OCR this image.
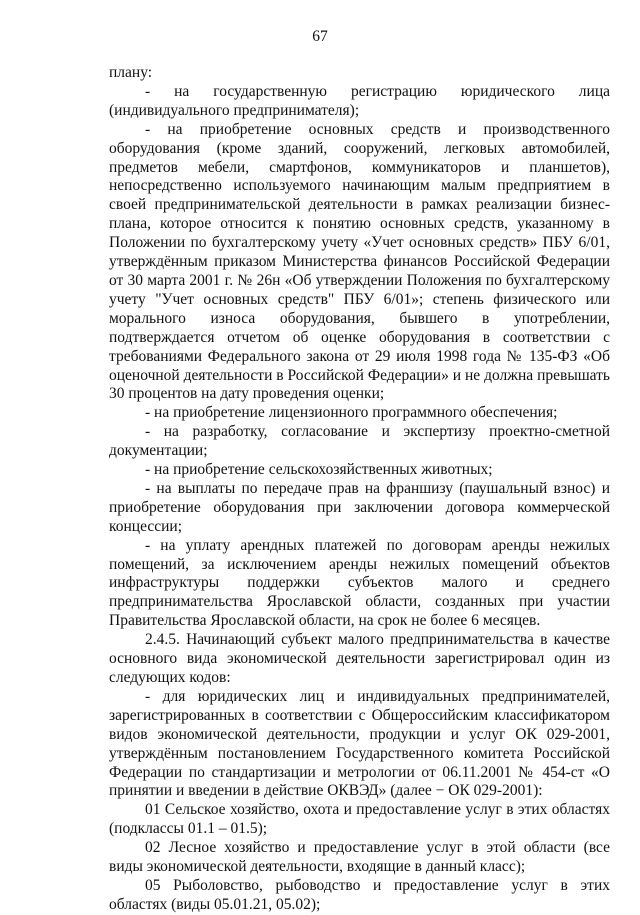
67

плану:

- на государственную регистрацию юридического лица (индивидуального предпринимателя);

- на приобретение основных средств и производственного оборудования (кроме зданий, сооружений, легковых автомобилей, предметов мебели, смартфонов, коммуникаторов и планшетов), непосредственно используемого начинающим малым предприятием в своей предпринимательской деятельности в рамках реализации бизнес-плана, которое относится к понятию основных средств, указанному в Положении по бухгалтерскому учету «Учет основных средств» ПБУ 6/01, утверждённым приказом Министерства финансов Российской Федерации от 30 марта 2001 г. № 26н «Об утверждении Положения по бухгалтерскому учету "Учет основных средств" ПБУ 6/01»; степень физического или морального износа оборудования, бывшего в употреблении, подтверждается отчетом об оценке оборудования в соответствии с требованиями Федерального закона от 29 июля 1998 года № 135-ФЗ «Об оценочной деятельности в Российской Федерации» и не должна превышать 30 процентов на дату проведения оценки;

- на приобретение лицензионного программного обеспечения;

- на разработку, согласование и экспертизу проектно-сметной документации;

- на приобретение сельскохозяйственных животных;

- на выплаты по передаче прав на франшизу (паушальный взнос) и приобретение оборудования при заключении договора коммерческой концессии;

- на уплату арендных платежей по договорам аренды нежилых помещений, за исключением аренды нежилых помещений объектов инфраструктуры поддержки субъектов малого и среднего предпринимательства Ярославской области, созданных при участии Правительства Ярославской области, на срок не более 6 месяцев.

2.4.5. Начинающий субъект малого предпринимательства в качестве основного вида экономической деятельности зарегистрировал один из следующих кодов:

- для юридических лиц и индивидуальных предпринимателей, зарегистрированных в соответствии с Общероссийским классификатором видов экономической деятельности, продукции и услуг ОК 029-2001, утверждённым постановлением Государственного комитета Российской Федерации по стандартизации и метрологии от 06.11.2001 № 454-ст «О принятии и введении в действие ОКВЭД» (далее − ОК 029-2001):

01 Сельское хозяйство, охота и предоставление услуг в этих областях (подклассы 01.1 – 01.5);

02 Лесное хозяйство и предоставление услуг в этой области (все виды экономической деятельности, входящие в данный класс);

05 Рыболовство, рыбоводство и предоставление услуг в этих областях (виды 05.01.21, 05.02);
